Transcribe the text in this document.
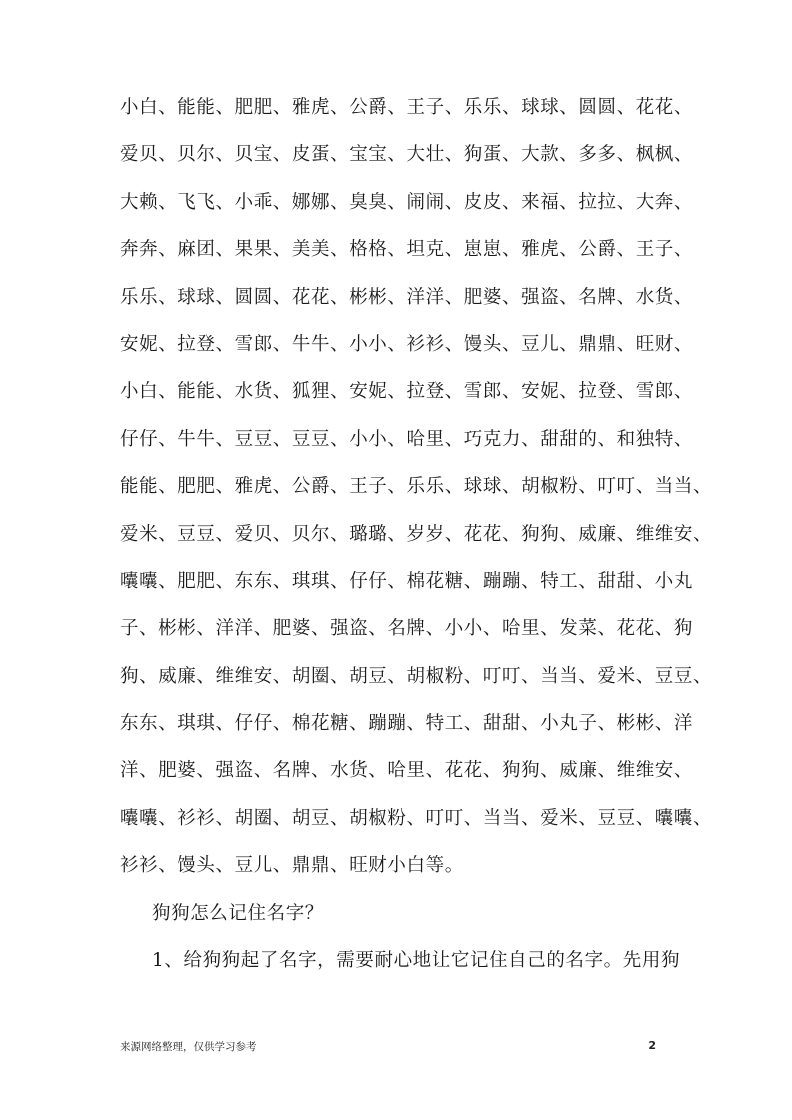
小白、能能、肥肥、雅虎、公爵、王子、乐乐、球球、圆圆、花花、
爱贝、贝尔、贝宝、皮蛋、宝宝、大壮、狗蛋、大款、多多、枫枫、
大赖、飞飞、小乖、娜娜、臭臭、闹闹、皮皮、来福、拉拉、大奔、
奔奔、麻团、果果、美美、格格、坦克、崽崽、雅虎、公爵、王子、
乐乐、球球、圆圆、花花、彬彬、洋洋、肥婆、强盗、名牌、水货、
安妮、拉登、雪郎、牛牛、小小、衫衫、馒头、豆儿、鼎鼎、旺财、
小白、能能、水货、狐狸、安妮、拉登、雪郎、安妮、拉登、雪郎、
仔仔、牛牛、豆豆、豆豆、小小、哈里、巧克力、甜甜的、和独特、
能能、肥肥、雅虎、公爵、王子、乐乐、球球、胡椒粉、叮叮、当当、
爱米、豆豆、爱贝、贝尔、璐璐、岁岁、花花、狗狗、威廉、维维安、
囔囔、肥肥、东东、琪琪、仔仔、棉花糖、蹦蹦、特工、甜甜、小丸
子、彬彬、洋洋、肥婆、强盗、名牌、小小、哈里、发菜、花花、狗
狗、威廉、维维安、胡圈、胡豆、胡椒粉、叮叮、当当、爱米、豆豆、
东东、琪琪、仔仔、棉花糖、蹦蹦、特工、甜甜、小丸子、彬彬、洋
洋、肥婆、强盗、名牌、水货、哈里、花花、狗狗、威廉、维维安、
囔囔、衫衫、胡圈、胡豆、胡椒粉、叮叮、当当、爱米、豆豆、囔囔、
衫衫、馒头、豆儿、鼎鼎、旺财小白等。
狗狗怎么记住名字？
1、给狗狗起了名字，需要耐心地让它记住自己的名字。先用狗
来源网络整理，仅供学习参考	2
